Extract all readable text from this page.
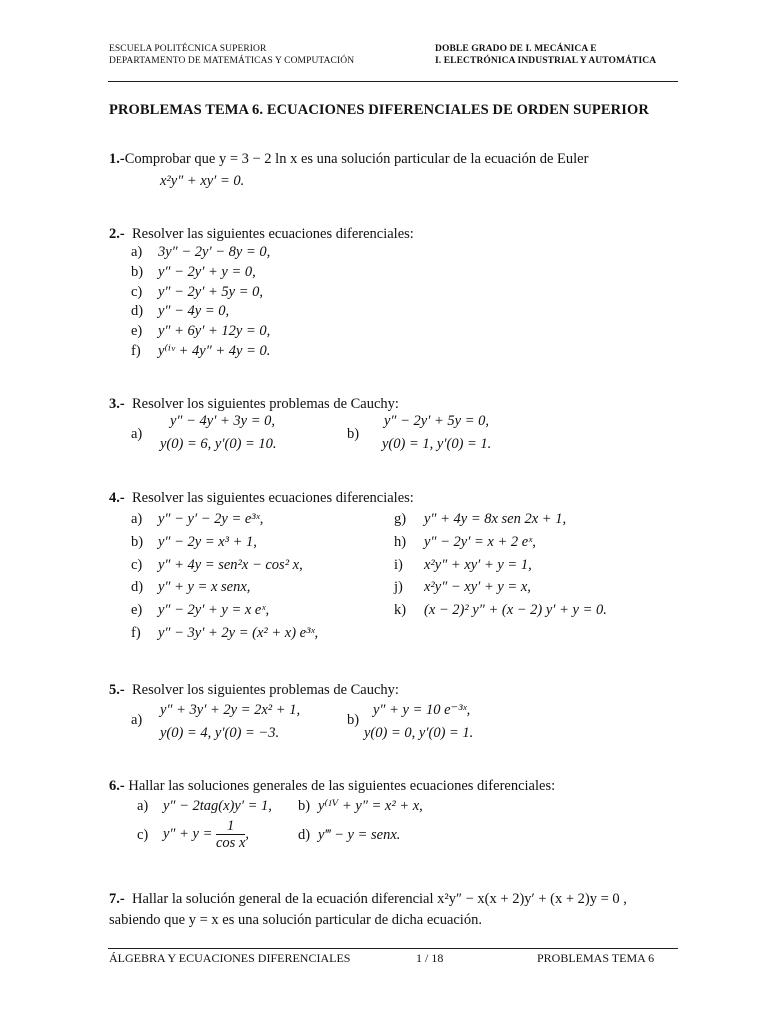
ESCUELA POLITÉCNICA SUPERIOR
DEPARTAMENTO DE MATEMÁTICAS Y COMPUTACIÓN
DOBLE GRADO DE I. MECÁNICA E
I. ELECTRÓNICA INDUSTRIAL Y AUTOMÁTICA
PROBLEMAS TEMA 6. ECUACIONES DIFERENCIALES DE ORDEN SUPERIOR
1.-Comprobar que y = 3 − 2 ln x es una solución particular de la ecuación de Euler
x²y″ + xy′ = 0.
2.- Resolver las siguientes ecuaciones diferenciales:
a) 3y″ − 2y′ − 8y = 0,
b) y″ − 2y′ + y = 0,
c) y″ − 2y′ + 5y = 0,
d) y″ − 4y = 0,
e) y″ + 6y′ + 12y = 0,
f) y⁽ⁱᵛ + 4y″ + 4y = 0.
3.- Resolver los siguientes problemas de Cauchy:
a)
y″ − 4y′ + 3y = 0,
y(0) = 6, y′(0) = 10.
b)
y″ − 2y′ + 5y = 0,
y(0) = 1, y′(0) = 1.
4.- Resolver las siguientes ecuaciones diferenciales:
a) y″ − y′ − 2y = e³ˣ,
b) y″ − 2y = x³ + 1,
c) y″ + 4y = sen²x − cos² x,
d) y″ + y = x senx,
e) y″ − 2y′ + y = x eˣ,
f) y″ − 3y′ + 2y = (x² + x) e³ˣ,
g) y″ + 4y = 8x sen 2x + 1,
h) y″ − 2y′ = x + 2 eˣ,
i) x²y″ + xy′ + y = 1,
j) x²y″ − xy′ + y = x,
k) (x − 2)² y″ + (x − 2) y′ + y = 0.
5.- Resolver los siguientes problemas de Cauchy:
a)
y″ + 3y′ + 2y = 2x² + 1,
y(0) = 4, y′(0) = −3.
b)
y″ + y = 10 e⁻³ˣ,
y(0) = 0, y′(0) = 1.
6.- Hallar las soluciones generales de las siguientes ecuaciones diferenciales:
a) y″ − 2tag(x)y′ = 1, b) y⁽ᴵⱽ + y″ = x² + x,
c) $y'' + y = \frac{1}{\text{cos x}}$ ,	d) y‴ − y = senx.
7.- Hallar la solución general de la ecuación diferencial x²y″ − x(x + 2)y′ + (x + 2)y = 0 ,
sabiendo que y = x es una solución particular de dicha ecuación.
ÁLGEBRA Y ECUACIONES DIFERENCIALES	1 / 18	PROBLEMAS TEMA 6
